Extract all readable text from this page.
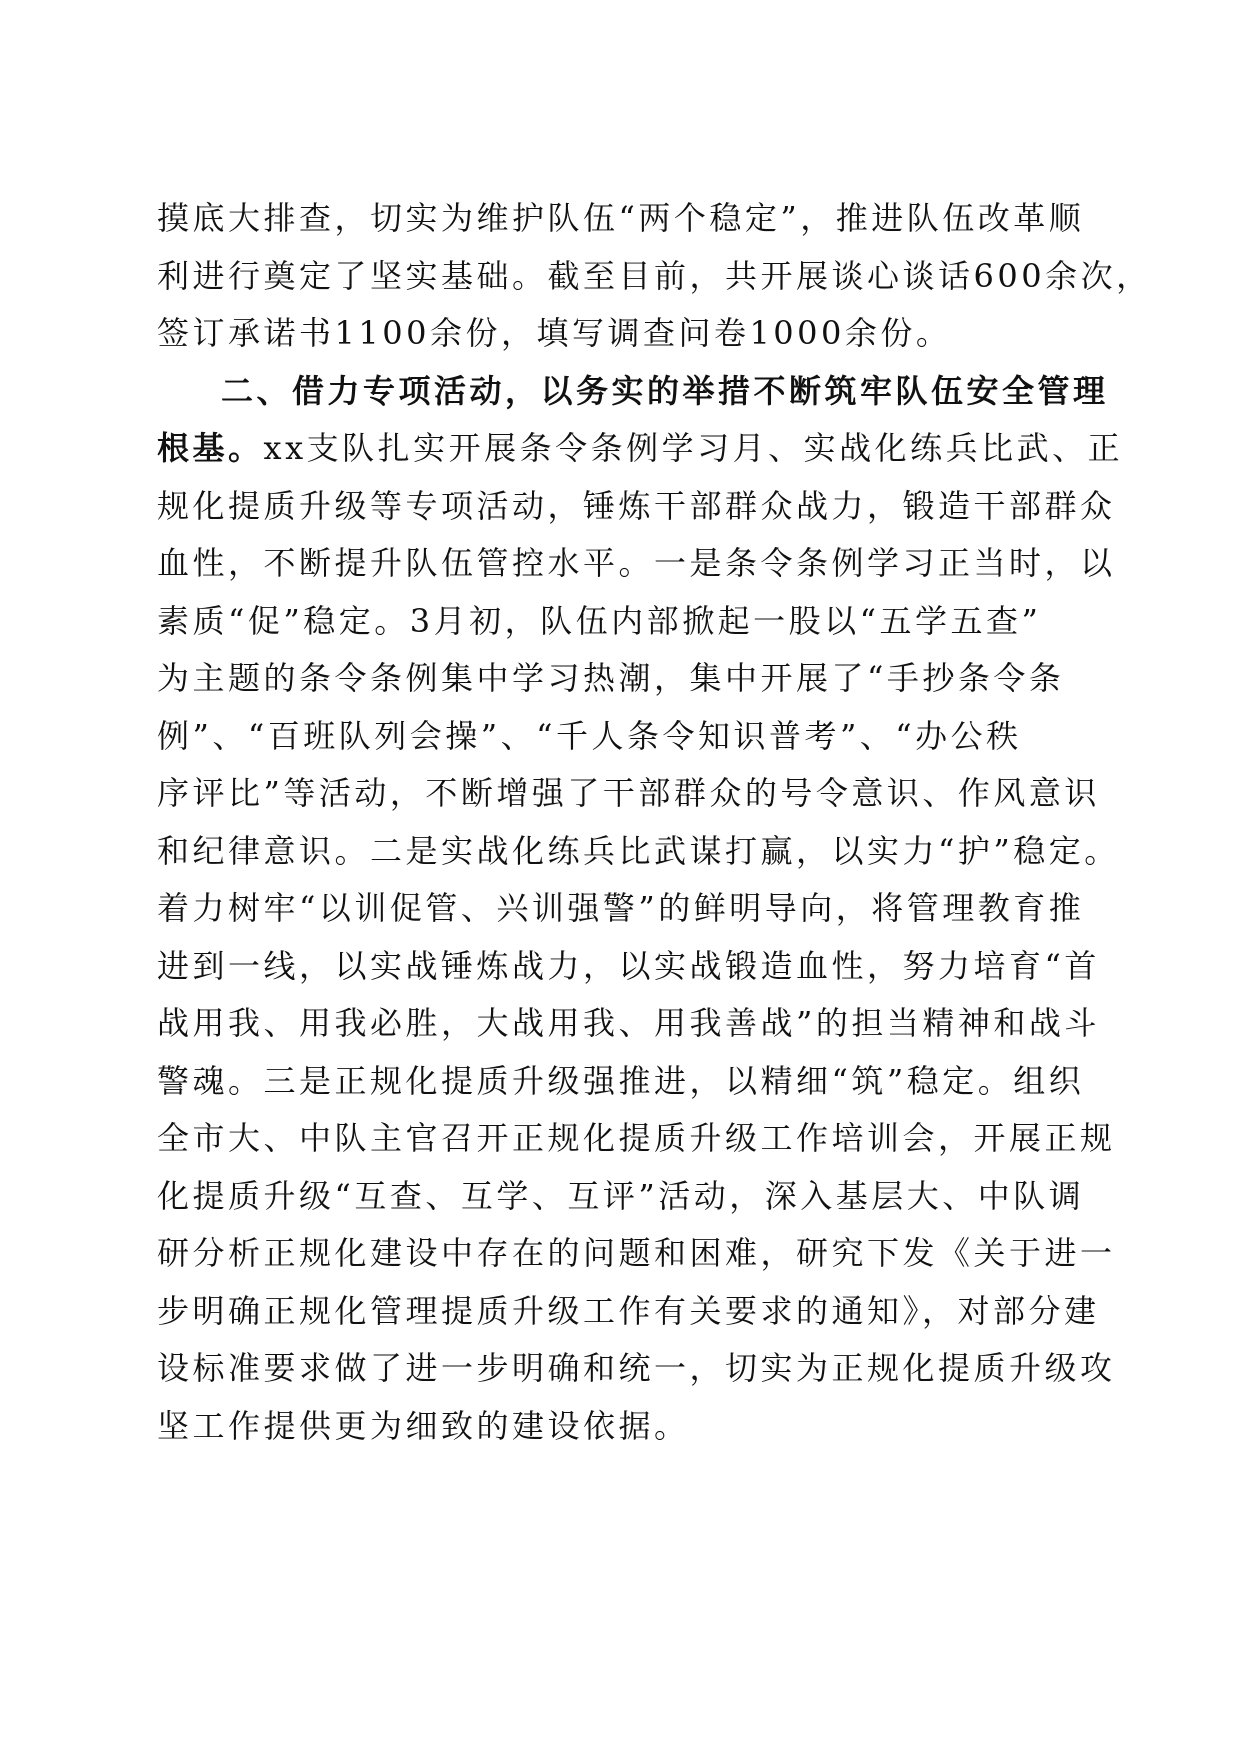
摸底大排查，切实为维护队伍“两个稳定”，推进队伍改革顺
利进行奠定了坚实基础。截至目前，共开展谈心谈话600余次，
签订承诺书1100余份，填写调查问卷1000余份。
二、借力专项活动，以务实的举措不断筑牢队伍安全管理
根基。xx支队扎实开展条令条例学习月、实战化练兵比武、正
规化提质升级等专项活动，锤炼干部群众战力，锻造干部群众
血性，不断提升队伍管控水平。一是条令条例学习正当时，以
素质“促”稳定。3月初，队伍内部掀起一股以“五学五查”
为主题的条令条例集中学习热潮，集中开展了“手抄条令条
例”、“百班队列会操”、“千人条令知识普考”、“办公秩
序评比”等活动，不断增强了干部群众的号令意识、作风意识
和纪律意识。二是实战化练兵比武谋打赢，以实力“护”稳定。
着力树牢“以训促管、兴训强警”的鲜明导向，将管理教育推
进到一线，以实战锤炼战力，以实战锻造血性，努力培育“首
战用我、用我必胜，大战用我、用我善战”的担当精神和战斗
警魂。三是正规化提质升级强推进，以精细“筑”稳定。组织
全市大、中队主官召开正规化提质升级工作培训会，开展正规
化提质升级“互查、互学、互评”活动，深入基层大、中队调
研分析正规化建设中存在的问题和困难，研究下发《关于进一
步明确正规化管理提质升级工作有关要求的通知》，对部分建
设标准要求做了进一步明确和统一，切实为正规化提质升级攻
坚工作提供更为细致的建设依据。
